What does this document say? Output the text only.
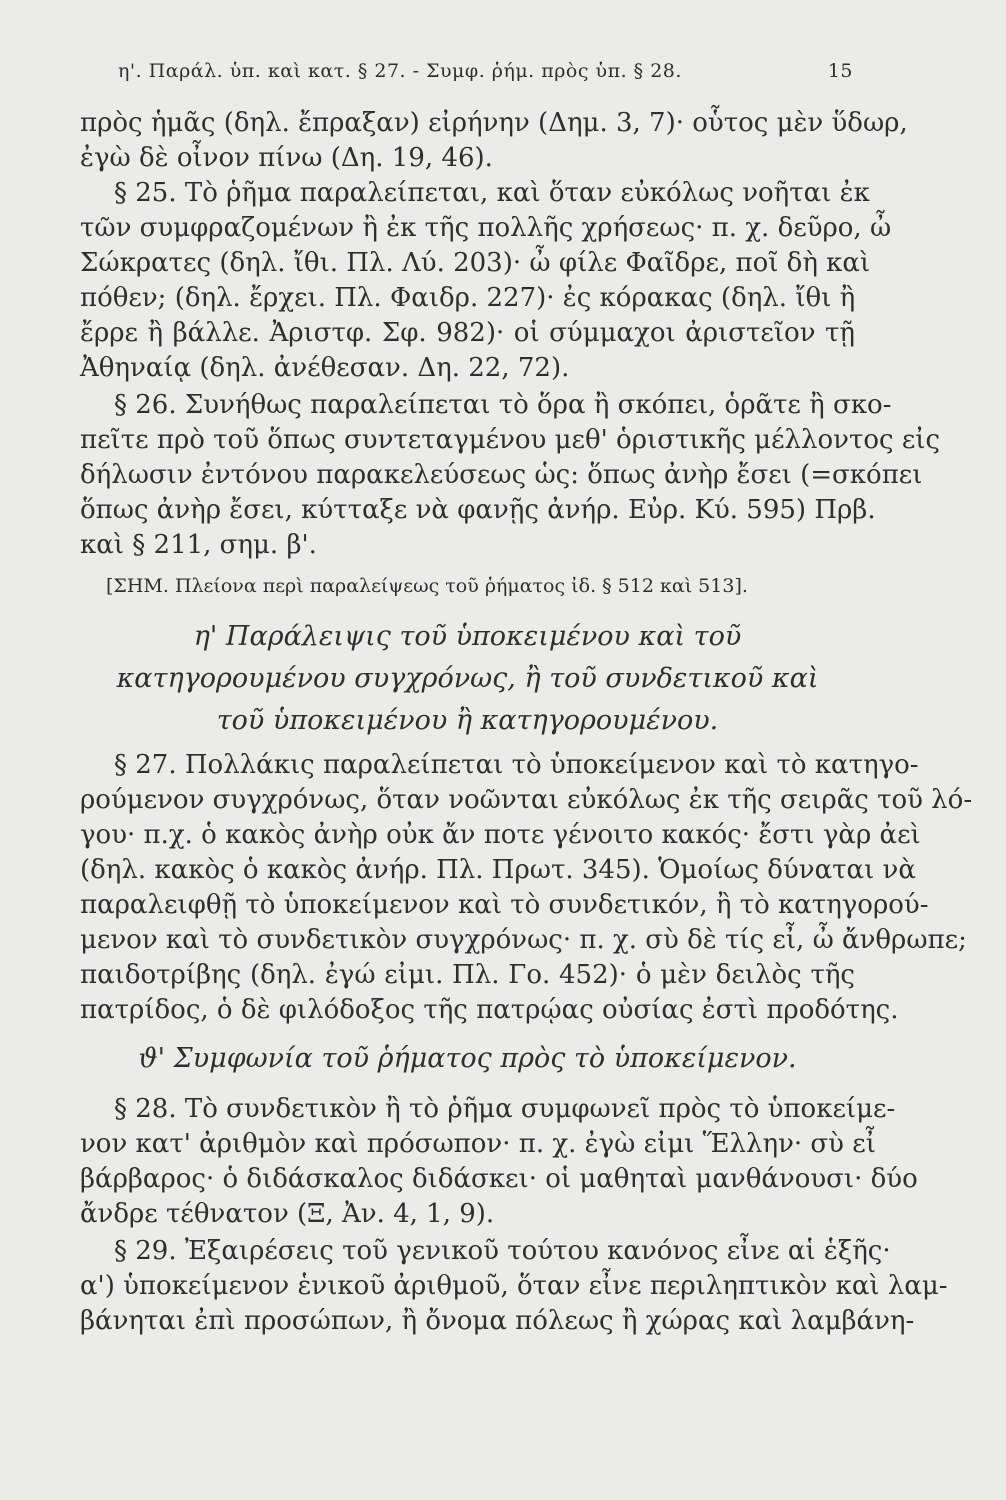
η'. Παράλ. ὑπ. καὶ κατ. § 27. - Συμφ. ῥήμ. πρὸς ὑπ. § 28.	15
πρὸς ἡμᾶς (δηλ. ἔπραξαν) εἰρήνην (Δημ. 3, 7)· οὗτος μὲν ὕδωρ,
ἐγὼ δὲ οἶνον πίνω (Δη. 19, 46).
§ 25. Τὸ ῥῆμα παραλείπεται, καὶ ὅταν εὐκόλως νοῆται ἐκ
τῶν συμφραζομένων ἢ ἐκ τῆς πολλῆς χρήσεως· π. χ. δεῦρο, ὦ
Σώκρατες (δηλ. ἴθι. Πλ. Λύ. 203)· ὦ φίλε Φαῖδρε, ποῖ δὴ καὶ
πόθεν; (δηλ. ἔρχει. Πλ. Φαιδρ. 227)· ἐς κόρακας (δηλ. ἴθι ἢ
ἔρρε ἢ βάλλε. Ἀριστφ. Σφ. 982)· οἱ σύμμαχοι ἀριστεῖον τῇ
Ἀθηναίᾳ (δηλ. ἀνέθεσαν. Δη. 22, 72).
§ 26. Συνήθως παραλείπεται τὸ ὅρα ἢ σκόπει, ὁρᾶτε ἢ σκο-
πεῖτε πρὸ τοῦ ὅπως συντεταγμένου μεθ' ὁριστικῆς μέλλοντος εἰς
δήλωσιν ἐντόνου παρακελεύσεως ὡς: ὅπως ἀνὴρ ἔσει (=σκόπει
ὅπως ἀνὴρ ἔσει, κύτταξε νὰ φανῇς ἀνήρ. Εὐρ. Κύ. 595) Πρβ.
καὶ § 211, σημ. β'.
[ΣΗΜ. Πλείονα περὶ παραλείψεως τοῦ ῥήματος ἰδ. § 512 καὶ 513].
η' Παράλειψις τοῦ ὑποκειμένου καὶ τοῦ
κατηγορουμένου συγχρόνως, ἢ τοῦ συνδετικοῦ καὶ
τοῦ ὑποκειμένου ἢ κατηγορουμένου.
§ 27. Πολλάκις παραλείπεται τὸ ὑποκείμενον καὶ τὸ κατηγο-
ρούμενον συγχρόνως, ὅταν νοῶνται εὐκόλως ἐκ τῆς σειρᾶς τοῦ λό-
γου· π.χ. ὁ κακὸς ἀνὴρ οὐκ ἄν ποτε γένοιτο κακός· ἔστι γὰρ ἀεὶ
(δηλ. κακὸς ὁ κακὸς ἀνήρ. Πλ. Πρωτ. 345). Ὁμοίως δύναται νὰ
παραλειφθῇ τὸ ὑποκείμενον καὶ τὸ συνδετικόν, ἢ τὸ κατηγορού-
μενον καὶ τὸ συνδετικὸν συγχρόνως· π. χ. σὺ δὲ τίς εἶ, ὦ ἄνθρωπε;
παιδοτρίβης (δηλ. ἐγώ εἰμι. Πλ. Γο. 452)· ὁ μὲν δειλὸς τῆς
πατρίδος, ὁ δὲ φιλόδοξος τῆς πατρῴας οὐσίας ἐστὶ προδότης.
ϑ' Συμφωνία τοῦ ῥήματος πρὸς τὸ ὑποκείμενον.
§ 28. Τὸ συνδετικὸν ἢ τὸ ῥῆμα συμφωνεῖ πρὸς τὸ ὑποκείμε-
νον κατ' ἀριθμὸν καὶ πρόσωπον· π. χ. ἐγὼ εἰμι Ἕλλην· σὺ εἶ
βάρβαρος· ὁ διδάσκαλος διδάσκει· οἱ μαθηταὶ μανθάνουσι· δύο
ἄνδρε τέθνατον (Ξ, Ἀν. 4, 1, 9).
§ 29. Ἐξαιρέσεις τοῦ γενικοῦ τούτου κανόνος εἶνε αἱ ἑξῆς·
α') ὑποκείμενον ἑνικοῦ ἀριθμοῦ, ὅταν εἶνε περιληπτικὸν καὶ λαμ-
βάνηται ἐπὶ προσώπων, ἢ ὄνομα πόλεως ἢ χώρας καὶ λαμβάνη-
